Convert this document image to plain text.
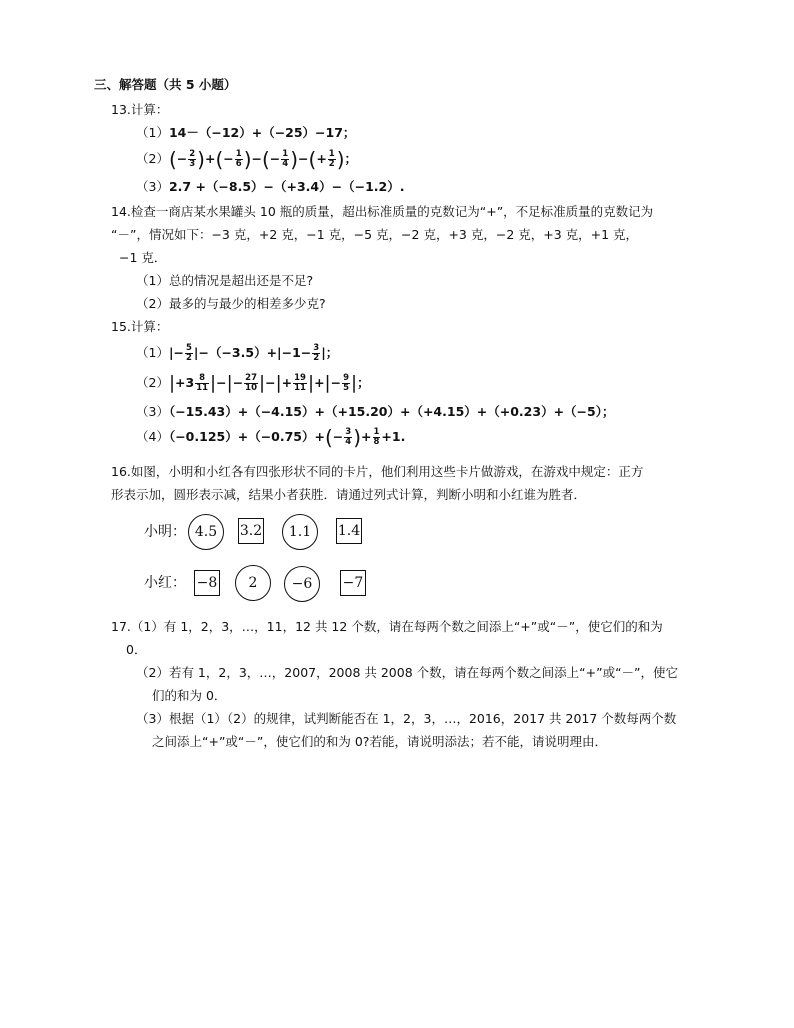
三、解答题（共 5 小题）
13.计算：
（1）14－（−12）+（−25）−17；
$(2)(- \frac{2}{3}$ )+(− $\frac{1}{6}$ )−(− $\frac{1}{4}$ )−(+ $\frac{1}{2}$ )；
（3）2.7 +（−8.5）−（+3.4）−（−1.2）.
14.检查一商店某水果罐头 10 瓶的质量，超出标准质量的克数记为“+”，不足标准质量的克数记为
“－”，情况如下：−3 克，+2 克，−1 克，−5 克，−2 克，+3 克，−2 克，+3 克，+1 克，
−1 克．
（1）总的情况是超出还是不足?
（2）最多的与最少的相差多少克?
15.计算：
$(1)|- \frac{5}{2} |-(-3.5)+|-1- \frac{3}{2}$ |；
$(2)|+3 \frac{8}{11}$ |−|− $\frac{27}{10}$ |−|+ $\frac{19}{11}$ |+|− $\frac{9}{5}$ |；
（3）（−15.43）+（−4.15）+（+15.20）+（+4.15）+（+0.23）+（−5）；
$(4)(-0.125)+(-0.75)+(- \frac{3}{4}$ )+ $\frac{1}{8} +1$.
16.如图，小明和小红各有四张形状不同的卡片，他们利用这些卡片做游戏，在游戏中规定：正方
形表示加，圆形表示减，结果小者获胜．请通过列式计算，判断小明和小红谁为胜者．
小明： 4.5	3.2	1.1	1.4
小红： −8	2	−6	−7
17.（1）有 1，2，3，…，11，12 共 12 个数，请在每两个数之间添上“+”或“－”，使它们的和为
0．
（2）若有 1，2，3，…，2007，2008 共 2008 个数，请在每两个数之间添上“+”或“－”，使它
们的和为 0．
（3）根据（1）（2）的规律，试判断能否在 1，2，3，…，2016，2017 共 2017 个数每两个数
之间添上“+”或“－”，使它们的和为 0?若能，请说明添法；若不能，请说明理由．
